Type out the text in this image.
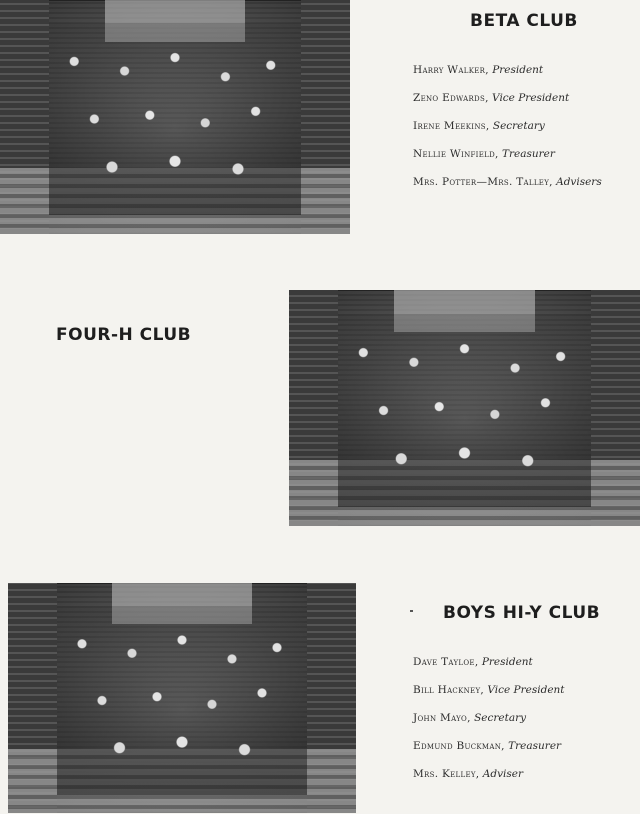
BETA CLUB
Harry Walker, President
Zeno Edwards, Vice President
Irene Meekins, Secretary
Nellie Winfield, Treasurer
Mrs. Potter—Mrs. Talley, Advisers
FOUR-H CLUB
BOYS HI-Y CLUB
Dave Tayloe, President
Bill Hackney, Vice President
John Mayo, Secretary
Edmund Buckman, Treasurer
Mrs. Kelley, Adviser
